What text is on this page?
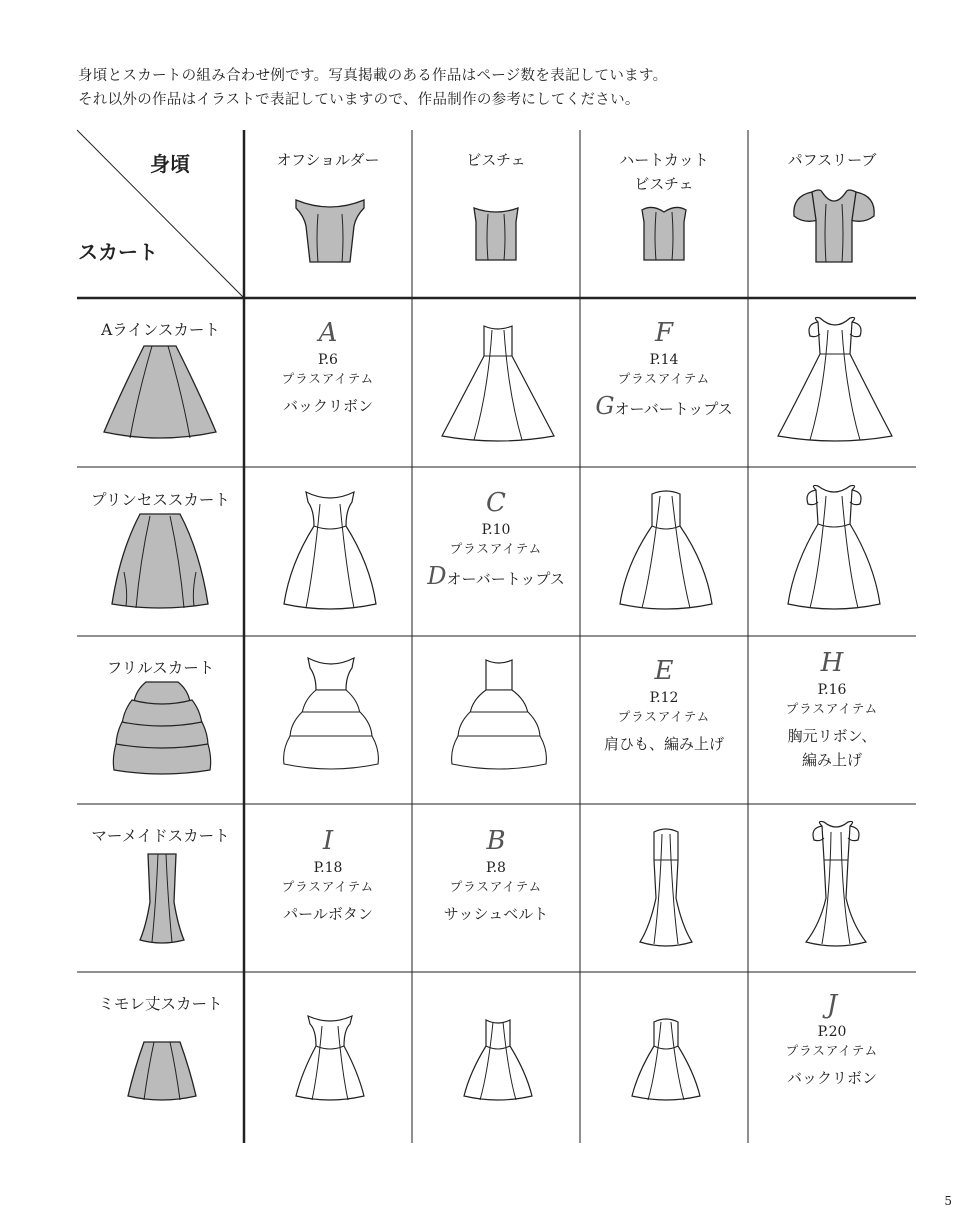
身頃とスカートの組み合わせ例です。写真掲載のある作品はページ数を表記しています。
それ以外の作品はイラストで表記していますので、作品制作の参考にしてください。
身頃
スカート
オフショルダー	ビスチェ	ハートカット
ビスチェ
パフスリーブ
Aラインスカート
プリンセススカート
フリルスカート
マーメイドスカート
ミモレ丈スカート
A
P.6
プラスアイテム
バックリボン
F
P.14
プラスアイテム
Gオーバートップス
C
P.10
プラスアイテム
Dオーバートップス
E
P.12
プラスアイテム
肩ひも、編み上げ
H
P.16
プラスアイテム
胸元リボン、
編み上げ
I
P.18
プラスアイテム
パールボタン
B
P.8
プラスアイテム
サッシュベルト
J
P.20
プラスアイテム
バックリボン
5
